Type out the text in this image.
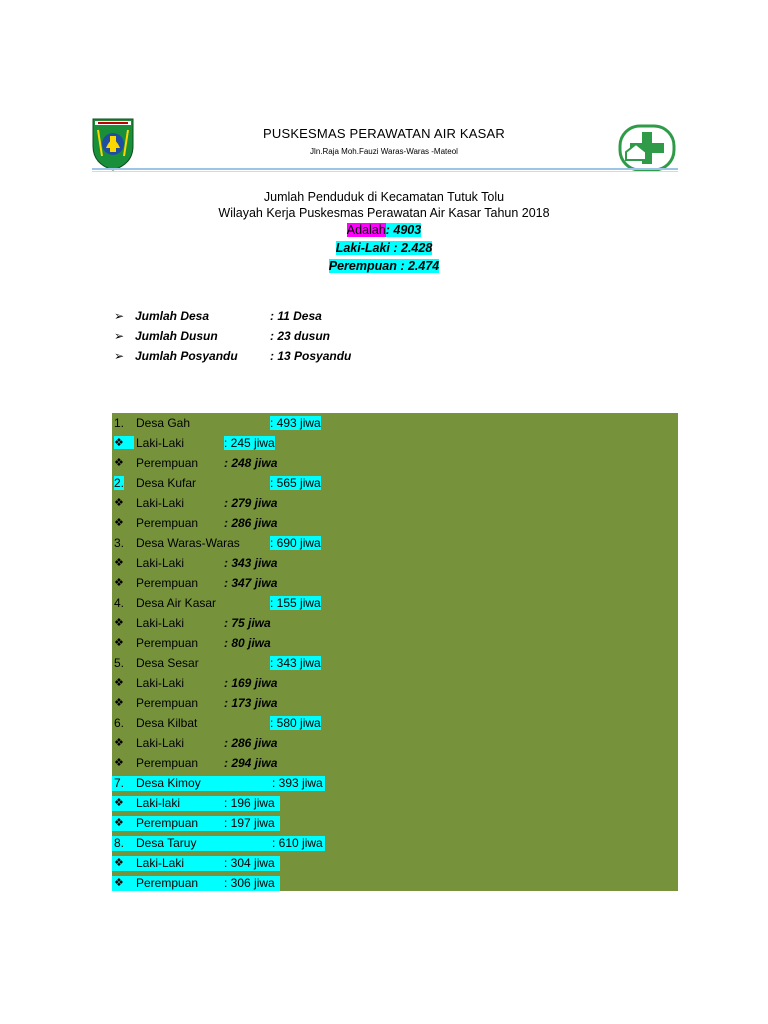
PUSKESMAS PERAWATAN AIR KASAR
Jln.Raja Moh.Fauzi Waras-Waras -Mateol
Jumlah Penduduk di Kecamatan Tutuk Tolu
Wilayah Kerja Puskesmas Perawatan Air Kasar Tahun 2018
Adalah: 4903
Laki-Laki : 2.428
Perempuan : 2.474
➢ Jumlah Desa	: 11 Desa
➢ Jumlah Dusun	: 23 dusun
➢ Jumlah Posyandu	: 13 Posyandu
1. Desa Gah	: 493 jiwa
❖	Laki-Laki	: 245 jiwa
❖ Perempuan : 248 jiwa
2. Desa Kufar	: 565 jiwa
❖ Laki-Laki	: 279 jiwa
❖ Perempuan : 286 jiwa
3. Desa Waras-Waras	: 690 jiwa
❖ Laki-Laki	: 343 jiwa
❖ Perempuan : 347 jiwa
4. Desa Air Kasar	: 155 jiwa
❖ Laki-Laki	: 75 jiwa
❖ Perempuan : 80 jiwa
5. Desa Sesar	: 343 jiwa
❖ Laki-Laki	: 169 jiwa
❖ Perempuan : 173 jiwa
6. Desa Kilbat	: 580 jiwa
❖ Laki-Laki	: 286 jiwa
❖ Perempuan : 294 jiwa
7. Desa Kimoy	: 393 jiwa
❖ Laki-laki	: 196 jiwa
❖ Perempuan : 197 jiwa
8. Desa Taruy	: 610 jiwa
❖ Laki-Laki	: 304 jiwa
❖ Perempuan : 306 jiwa
